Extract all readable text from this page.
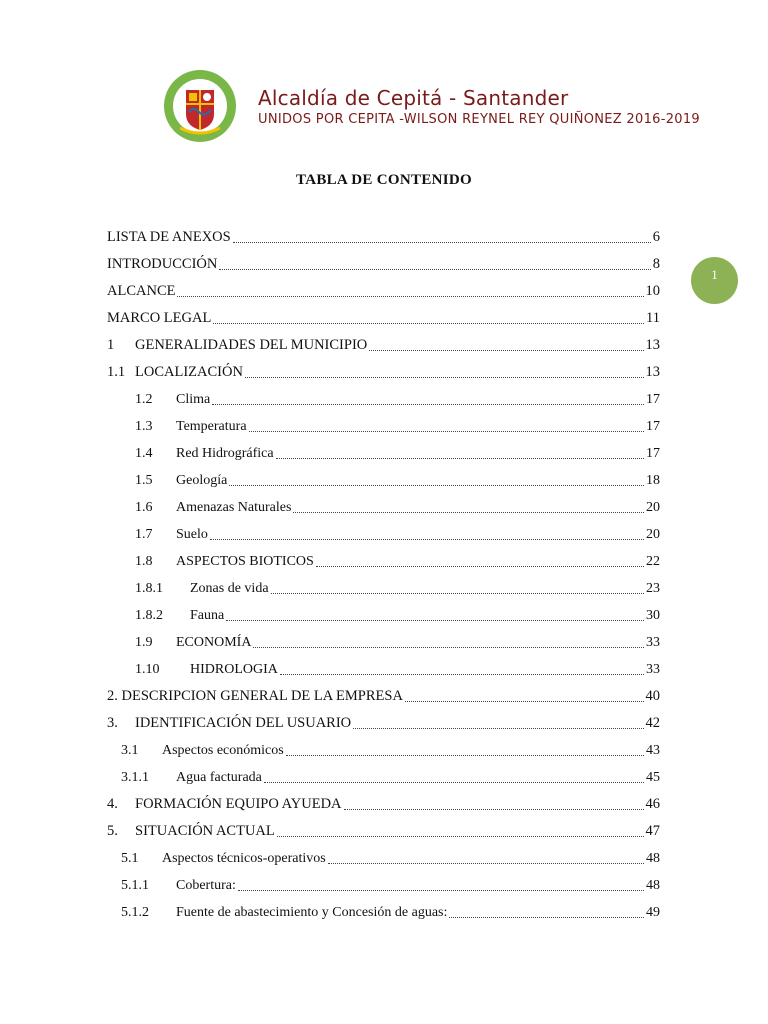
Alcaldía de Cepitá - Santander
UNIDOS POR CEPITA -WILSON REYNEL REY QUIÑONEZ 2016-2019
TABLA DE CONTENIDO
LISTA DE ANEXOS	6
INTRODUCCIÓN	8
ALCANCE	10
MARCO LEGAL	11
1	GENERALIDADES DEL MUNICIPIO	13
1.1 LOCALIZACIÓN	13
1.2	Clima	17
1.3	Temperatura	17
1.4	Red Hidrográfica	17
1.5	Geología	18
1.6	Amenazas Naturales	20
1.7	Suelo	20
1.8	ASPECTOS BIOTICOS	22
1.8.1	Zonas de vida	23
1.8.2	Fauna	30
1.9	ECONOMÍA	33
1.10	HIDROLOGIA	33
2. DESCRIPCION GENERAL DE LA EMPRESA	40
3.	IDENTIFICACIÓN DEL USUARIO	42
3.1	Aspectos económicos	43
3.1.1	Agua facturada	45
4.	FORMACIÓN EQUIPO AYUEDA	46
5.	SITUACIÓN ACTUAL	47
5.1	Aspectos técnicos-operativos	48
5.1.1	Cobertura:	48
5.1.2	Fuente de abastecimiento y Concesión de aguas:	49
1
